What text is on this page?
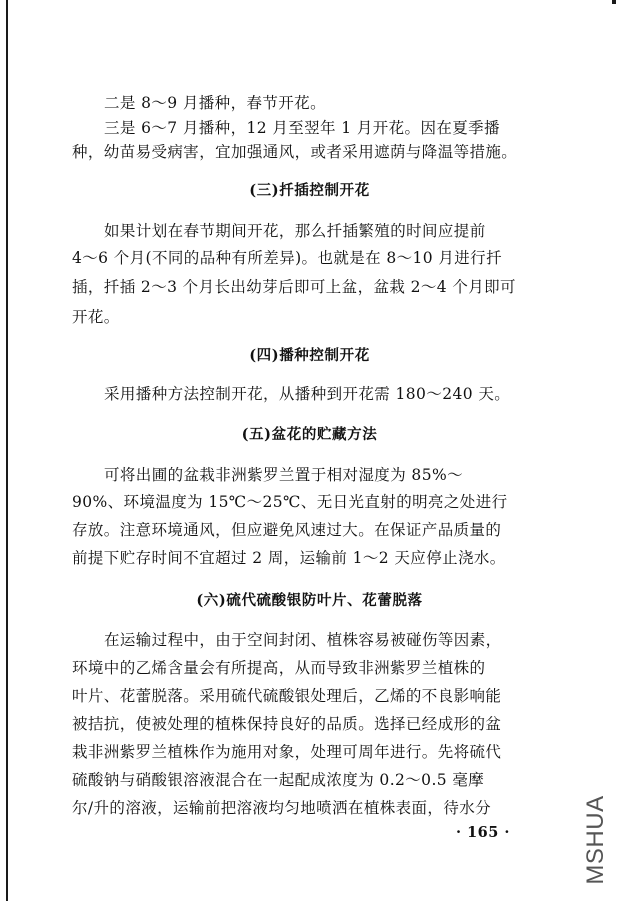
二是 8～9 月播种，春节开花。
三是 6～7 月播种，12 月至翌年 1 月开花。因在夏季播
种，幼苗易受病害，宜加强通风，或者采用遮荫与降温等措施。
(三)扦插控制开花
如果计划在春节期间开花，那么扦插繁殖的时间应提前
4～6 个月(不同的品种有所差异)。也就是在 8～10 月进行扦
插，扦插 2～3 个月长出幼芽后即可上盆，盆栽 2～4 个月即可
开花。
(四)播种控制开花
采用播种方法控制开花，从播种到开花需 180～240 天。
(五)盆花的贮藏方法
可将出圃的盆栽非洲紫罗兰置于相对湿度为 85%～
90%、环境温度为 15℃～25℃、无日光直射的明亮之处进行
存放。注意环境通风，但应避免风速过大。在保证产品质量的
前提下贮存时间不宜超过 2 周，运输前 1～2 天应停止浇水。
(六)硫代硫酸银防叶片、花蕾脱落
在运输过程中，由于空间封闭、植株容易被碰伤等因素，
环境中的乙烯含量会有所提高，从而导致非洲紫罗兰植株的
叶片、花蕾脱落。采用硫代硫酸银处理后，乙烯的不良影响能
被拮抗，使被处理的植株保持良好的品质。选择已经成形的盆
栽非洲紫罗兰植株作为施用对象，处理可周年进行。先将硫代
硫酸钠与硝酸银溶液混合在一起配成浓度为 0.2～0.5 毫摩
尔/升的溶液，运输前把溶液均匀地喷洒在植株表面，待水分
· 165 ·	MSHUA
